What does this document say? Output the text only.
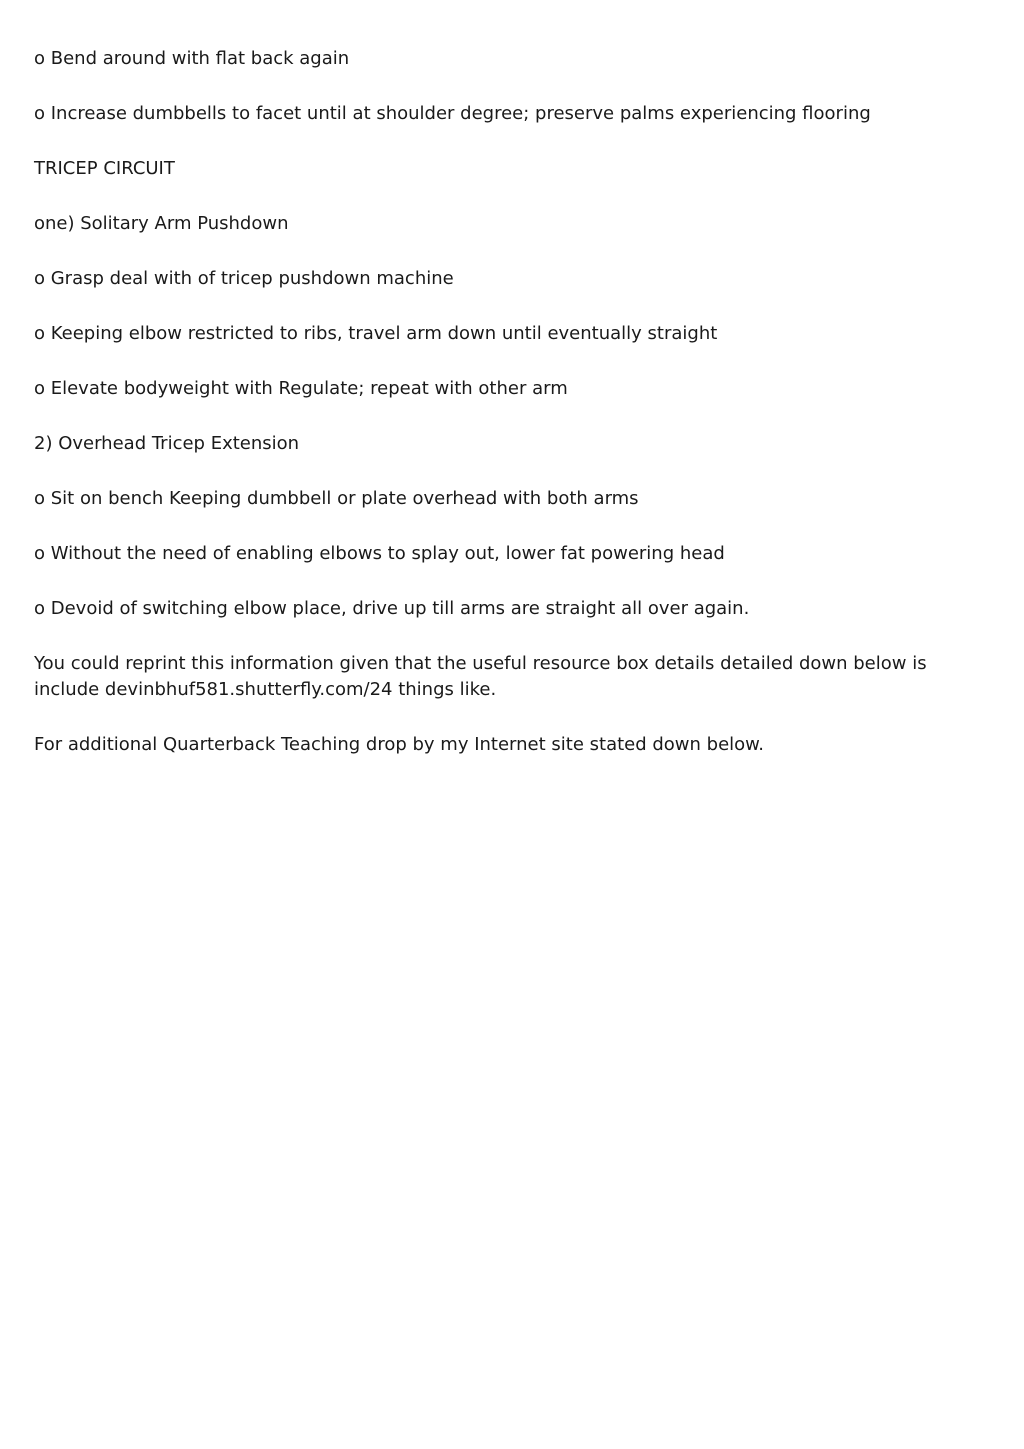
o Bend around with flat back again

o Increase dumbbells to facet until at shoulder degree; preserve palms experiencing flooring

TRICEP CIRCUIT

one) Solitary Arm Pushdown

o Grasp deal with of tricep pushdown machine

o Keeping elbow restricted to ribs, travel arm down until eventually straight

o Elevate bodyweight with Regulate; repeat with other arm

2) Overhead Tricep Extension

o Sit on bench Keeping dumbbell or plate overhead with both arms

o Without the need of enabling elbows to splay out, lower fat powering head

o Devoid of switching elbow place, drive up till arms are straight all over again.

You could reprint this information given that the useful resource box details detailed down below is include devinbhuf581.shutterfly.com/24 things like.

For additional Quarterback Teaching drop by my Internet site stated down below.
